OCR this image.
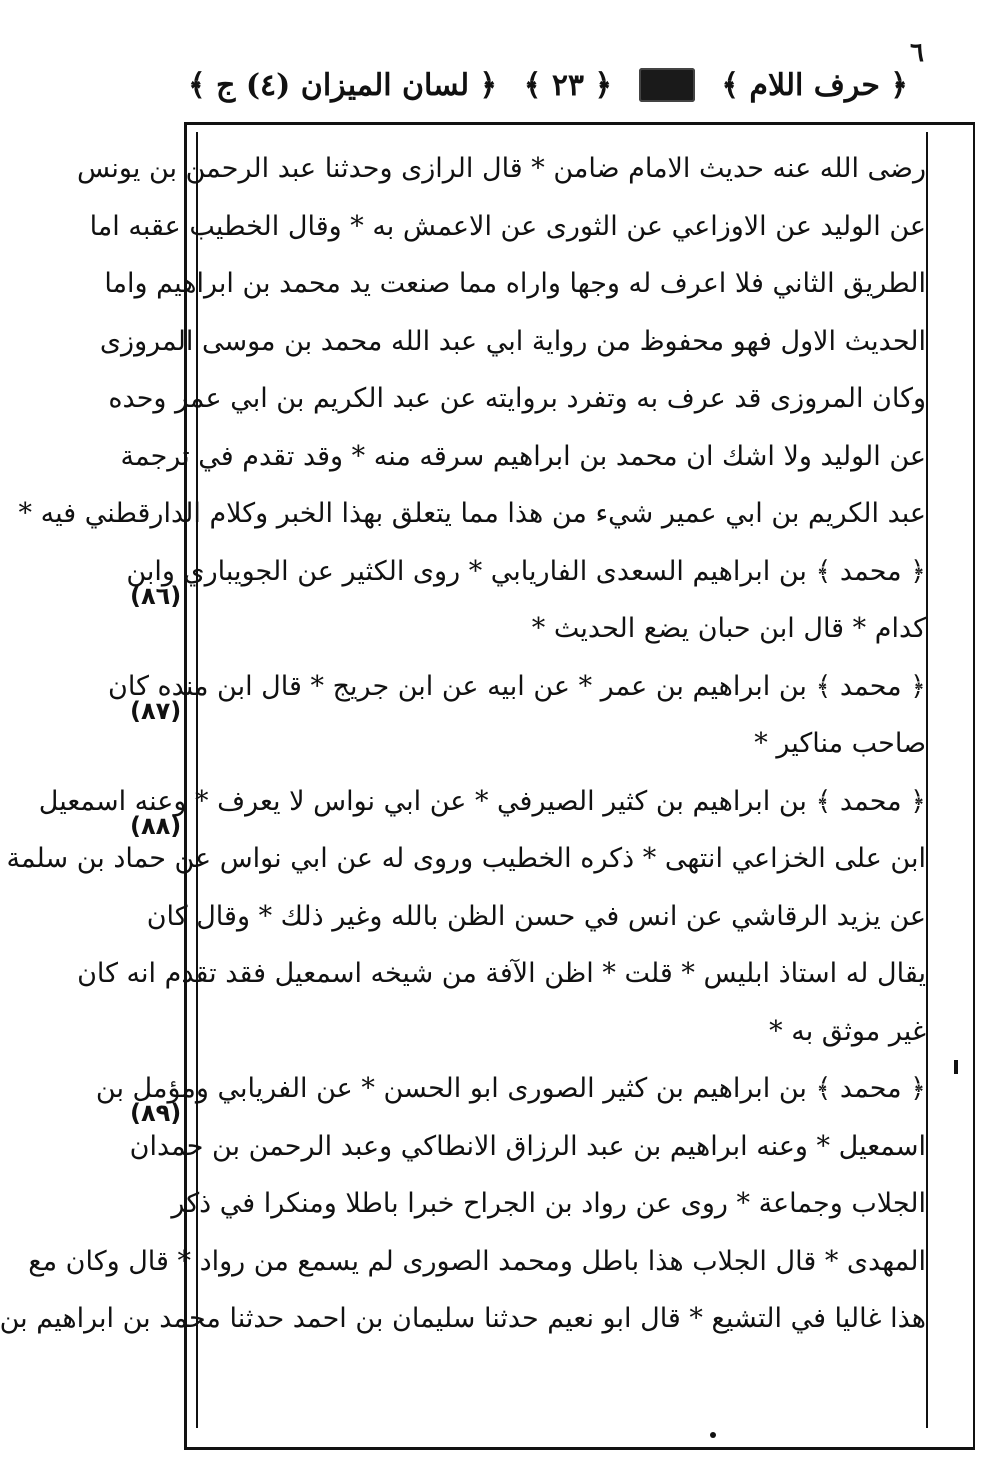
٦
﴿ حرف اللام ﴾
﴿ ٢٣ ﴾
﴿ لسان الميزان (٤) ج ﴾
(٨٦)
(٨٧)
(٨٨)
(٨٩)
رضى الله عنه حديث الامام ضامن * قال الرازى وحدثنا عبد الرحمن بن يونس
عن الوليد عن الاوزاعي عن الثورى عن الاعمش به * وقال الخطيب عقبه اما
الطريق الثاني فلا اعرف له وجها واراه مما صنعت يد محمد بن ابراهيم واما
الحديث الاول فهو محفوظ من رواية ابي عبد الله محمد بن موسى المروزى
وكان المروزى قد عرف به وتفرد بروايته عن عبد الكريم بن ابي عمر وحده
عن الوليد ولا اشك ان محمد بن ابراهيم سرقه منه * وقد تقدم في ترجمة
عبد الكريم بن ابي عمير شيء من هذا مما يتعلق بهذا الخبر وكلام الدارقطني فيه *
﴿ محمد ﴾ بن ابراهيم السعدى الفاريابي * روى الكثير عن الجويباري وابن
كدام * قال ابن حبان يضع الحديث *
﴿ محمد ﴾ بن ابراهيم بن عمر * عن ابيه عن ابن جريج * قال ابن منده كان
صاحب مناكير *
﴿ محمد ﴾ بن ابراهيم بن كثير الصيرفي * عن ابي نواس لا يعرف * وعنه اسمعيل
ابن على الخزاعي انتهى * ذكره الخطيب وروى له عن ابي نواس عن حماد بن سلمة
عن يزيد الرقاشي عن انس في حسن الظن بالله وغير ذلك * وقال كان
يقال له استاذ ابليس * قلت * اظن الآفة من شيخه اسمعيل فقد تقدم انه كان
غير موثق به *
﴿ محمد ﴾ بن ابراهيم بن كثير الصورى ابو الحسن * عن الفريابي ومؤمل بن
اسمعيل * وعنه ابراهيم بن عبد الرزاق الانطاكي وعبد الرحمن بن حمدان
الجلاب وجماعة * روى عن رواد بن الجراح خبرا باطلا ومنكرا في ذكر
المهدى * قال الجلاب هذا باطل ومحمد الصورى لم يسمع من رواد * قال وكان مع
هذا غاليا في التشيع * قال ابو نعيم حدثنا سليمان بن احمد حدثنا محمد بن ابراهيم بن
